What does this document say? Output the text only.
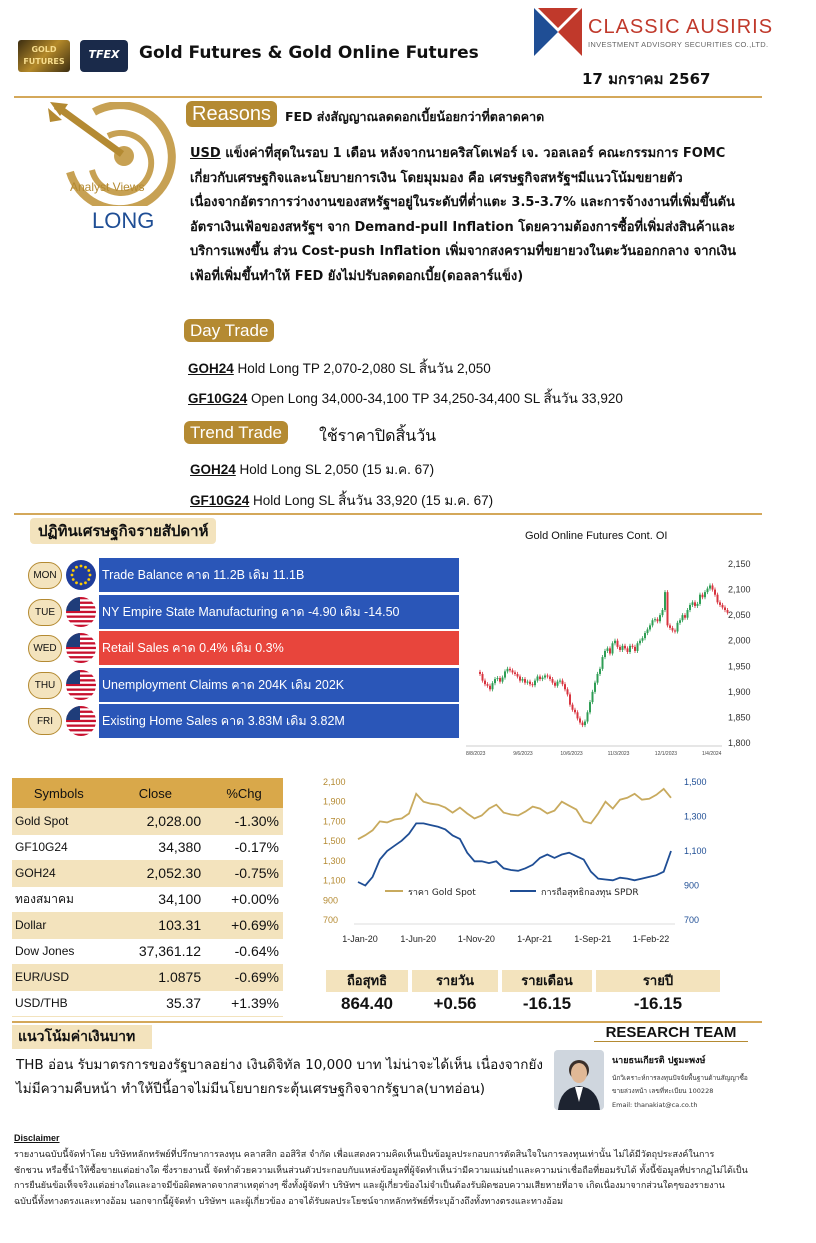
GOLD FUTURES
TFEX	Gold Futures & Gold Online Futures
CLASSIC AUSIRIS
INVESTMENT ADVISORY SECURITIES CO.,LTD.
17 มกราคม 2567
Analyst Views
LONG
Reasons	FED ส่งสัญญาณลดดอกเบี้ยน้อยกว่าที่ตลาดคาด
USD แข็งค่าที่สุดในรอบ 1 เดือน หลังจากนายคริสโตเฟอร์ เจ. วอลเลอร์ คณะกรรมการ FOMC
เกี่ยวกับเศรษฐกิจและนโยบายการเงิน โดยมุมมอง คือ เศรษฐกิจสหรัฐฯมีแนวโน้มขยายตัว
เนื่องจากอัตราการว่างงานของสหรัฐฯอยู่ในระดับที่ต่ำแตะ 3.5-3.7% และการจ้างงานที่เพิ่มขึ้นดัน
อัตราเงินเฟ้อของสหรัฐฯ จาก Demand-pull Inflation โดยความต้องการซื้อที่เพิ่มส่งสินค้าและ
บริการแพงขึ้น ส่วน Cost-push Inflation เพิ่มจากสงครามที่ขยายวงในตะวันออกกลาง จากเงิน
เฟ้อที่เพิ่มขึ้นทำให้ FED ยังไม่ปรับลดดอกเบี้ย(ดอลลาร์แข็ง)
Day Trade
GOH24 Hold Long TP 2,070-2,080 SL สิ้นวัน 2,050
GF10G24 Open Long 34,000-34,100 TP 34,250-34,400 SL สิ้นวัน 33,920
Trend Trade	ใช้ราคาปิดสิ้นวัน
GOH24 Hold Long SL 2,050 (15 ม.ค. 67)
GF10G24 Hold Long SL สิ้นวัน 33,920 (15 ม.ค. 67)
ปฏิทินเศรษฐกิจรายสัปดาห์
MON	Trade Balance คาด 11.2B เดิม 11.1B
TUE	NY Empire State Manufacturing คาด -4.90 เดิม -14.50
WED	Retail Sales คาด 0.4% เดิม 0.3%
THU	Unemployment Claims คาด 204K เดิม 202K
FRI	Existing Home Sales คาด 3.83M เดิม 3.82M
Gold Online Futures Cont. OI
2,150
2,100
2,050
2,000
1,950
1,900
1,850
1,800
8/8/2023	9/6/2023	10/6/2023	11/3/2023	12/1/2023	1/4/2024
Symbols	Close	%Chg
Gold Spot	2,028.00	-1.30%
GF10G24	34,380	-0.17%
GOH24	2,052.30	-0.75%
ทองสมาคม	34,100	+0.00%
Dollar	103.31	+0.69%
Dow Jones	37,361.12	-0.64%
EUR/USD	1.0875	-0.69%
USD/THB	35.37	+1.39%
2,100
1,900
1,700
1,500
1,300
1,100
900
700
1,500
1,300
1,100
900
700
1-Jan-20	1-Jun-20 1-Nov-20 1-Apr-21 1-Sep-21 1-Feb-22
ราคา Gold Spot	การถือสุทธิกองทุน SPDR
ถือสุทธิ	รายวัน	รายเดือน	รายปี
864.40	+0.56	-16.15	-16.15
แนวโน้มค่าเงินบาท
THB อ่อน รับมาตรการของรัฐบาลอย่าง เงินดิจิทัล 10,000 บาท ไม่น่าจะได้เห็น เนื่องจากยัง
ไม่มีความคืบหน้า ทำให้ปีนี้อาจไม่มีนโยบายกระตุ้นเศรษฐกิจจากรัฐบาล(บาทอ่อน)
RESEARCH TEAM
นายธนเกียรติ ปฐมะพงษ์
นักวิเคราะห์การลงทุนปัจจัยพื้นฐานด้านสัญญาซื้อ
ขายล่วงหน้า เลขที่ทะเบียน 100228
Email: thanakiat@ca.co.th
Disclaimer
รายงานฉบับนี้จัดทำโดย บริษัทหลักทรัพย์ที่ปรึกษาการลงทุน คลาสสิก ออสิริส จำกัด เพื่อแสดงความคิดเห็นเป็นข้อมูลประกอบการตัดสินใจในการลงทุนเท่านั้น ไม่ได้มีวัตถุประสงค์ในการ
ชักชวน หรือชี้นำให้ซื้อขายแต่อย่างใด ซึ่งรายงานนี้ จัดทำด้วยความเห็นส่วนตัวประกอบกับแหล่งข้อมูลที่ผู้จัดทำเห็นว่ามีความแม่นยำและความน่าเชื่อถือที่ยอมรับได้ ทั้งนี้ข้อมูลที่ปรากฏไม่ได้เป็น
การยืนยันข้อเท็จจริงแต่อย่างใดและอาจมีข้อผิดพลาดจากสาเหตุต่างๆ ซึ่งทั้งผู้จัดทำ บริษัทฯ และผู้เกี่ยวข้องไม่จำเป็นต้องรับผิดชอบความเสียหายที่อาจ เกิดเนื่องมาจากส่วนใดๆของรายงาน
ฉบับนี้ทั้งทางตรงและทางอ้อม นอกจากนี้ผู้จัดทำ บริษัทฯ และผู้เกี่ยวข้อง อาจได้รับผลประโยชน์จากหลักทรัพย์ที่ระบุอ้างถึงทั้งทางตรงและทางอ้อม
